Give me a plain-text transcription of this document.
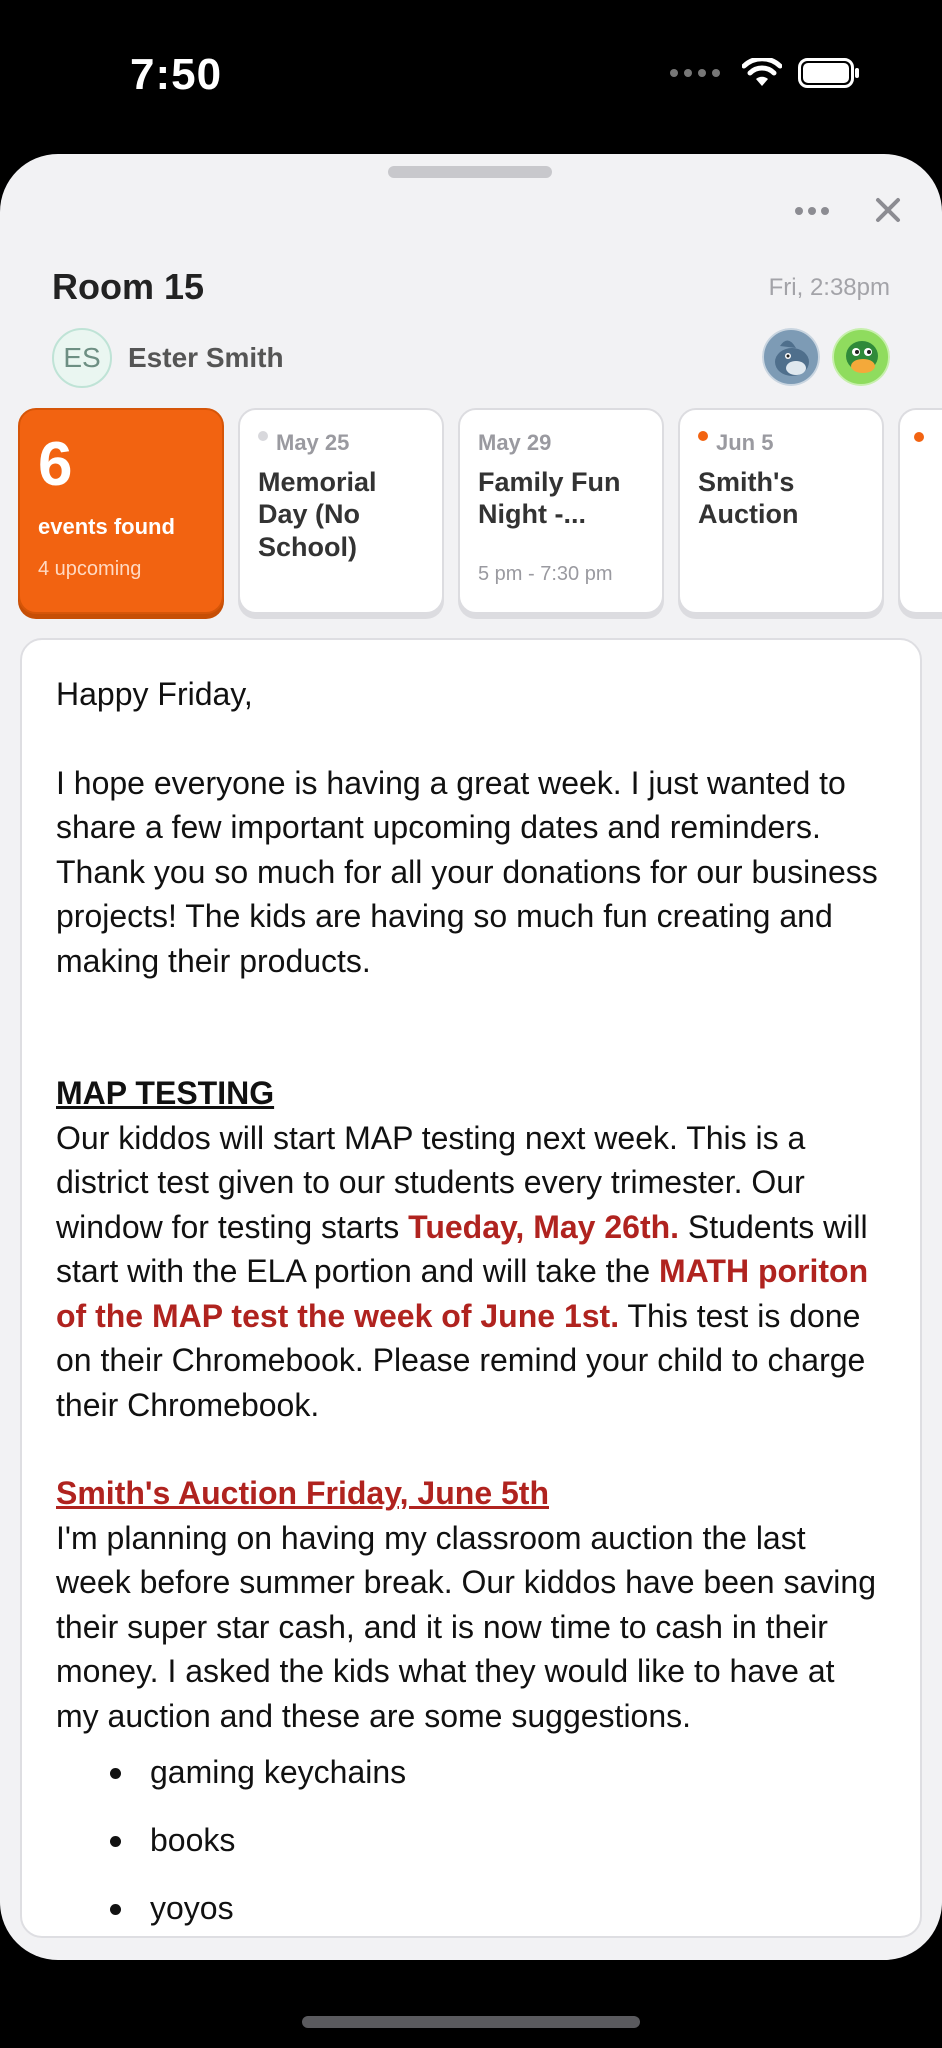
7:50
Room 15	Fri, 2:38pm
ES Ester Smith
6
events found
4 upcoming
May 25
Memorial Day (No School)
May 29
Family Fun Night -...
5 pm - 7:30 pm
Jun 5
Smith's Auction

Happy Friday,

I hope everyone is having a great week. I just wanted to share a few important upcoming dates and reminders. Thank you so much for all your donations for our business projects! The kids are having so much fun creating and making their products.

MAP TESTING

Our kiddos will start MAP testing next week. This is a district test given to our students every trimester. Our window for testing starts Tueday, May 26th. Students will start with the ELA portion and will take the MATH poriton of the MAP test the week of June 1st. This test is done on their Chromebook. Please remind your child to charge their Chromebook.

Smith's Auction Friday, June 5th

I'm planning on having my classroom auction the last week before summer break. Our kiddos have been saving their super star cash, and it is now time to cash in their money. I asked the kids what they would like to have at my auction and these are some suggestions.

gaming keychains
books
yoyos
